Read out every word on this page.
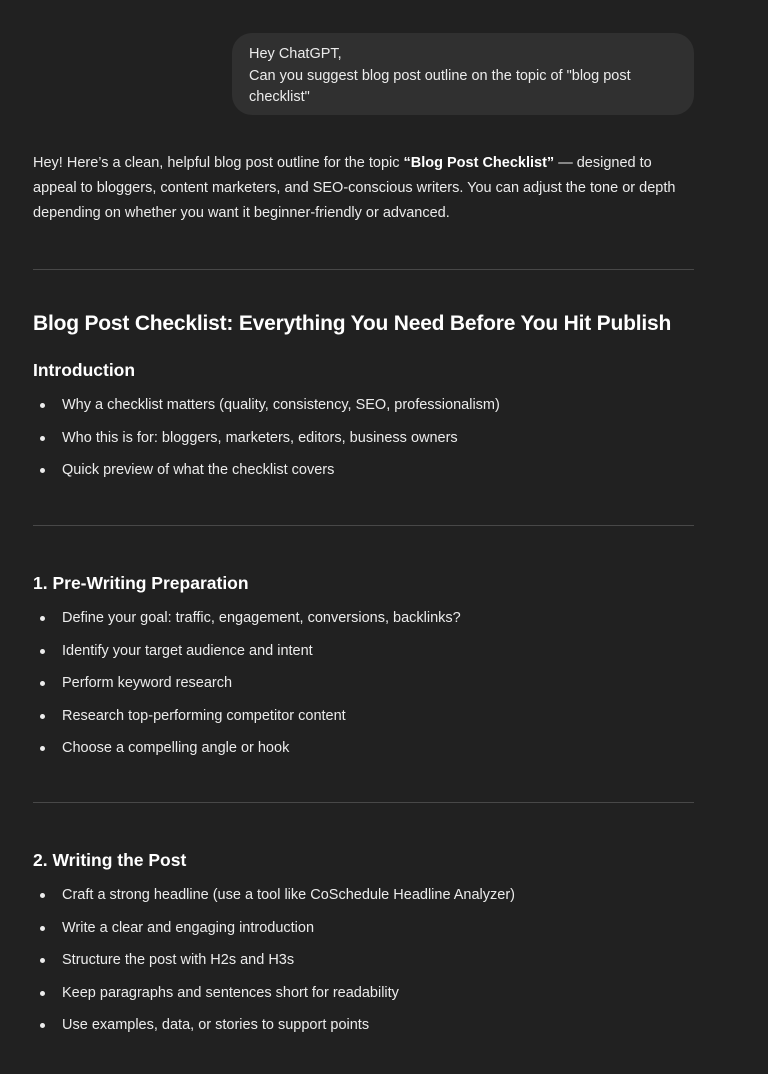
Hey ChatGPT,
Can you suggest blog post outline on the topic of "blog post
checklist"
Hey! Here’s a clean, helpful blog post outline for the topic “Blog Post Checklist” — designed to
appeal to bloggers, content marketers, and SEO-conscious writers. You can adjust the tone or depth
depending on whether you want it beginner-friendly or advanced.
Blog Post Checklist: Everything You Need Before You Hit Publish
Introduction
Why a checklist matters (quality, consistency, SEO, professionalism)
Who this is for: bloggers, marketers, editors, business owners
Quick preview of what the checklist covers
1. Pre-Writing Preparation
Define your goal: traffic, engagement, conversions, backlinks?
Identify your target audience and intent
Perform keyword research
Research top-performing competitor content
Choose a compelling angle or hook
2. Writing the Post
Craft a strong headline (use a tool like CoSchedule Headline Analyzer)
Write a clear and engaging introduction
Structure the post with H2s and H3s
Keep paragraphs and sentences short for readability
Use examples, data, or stories to support points
